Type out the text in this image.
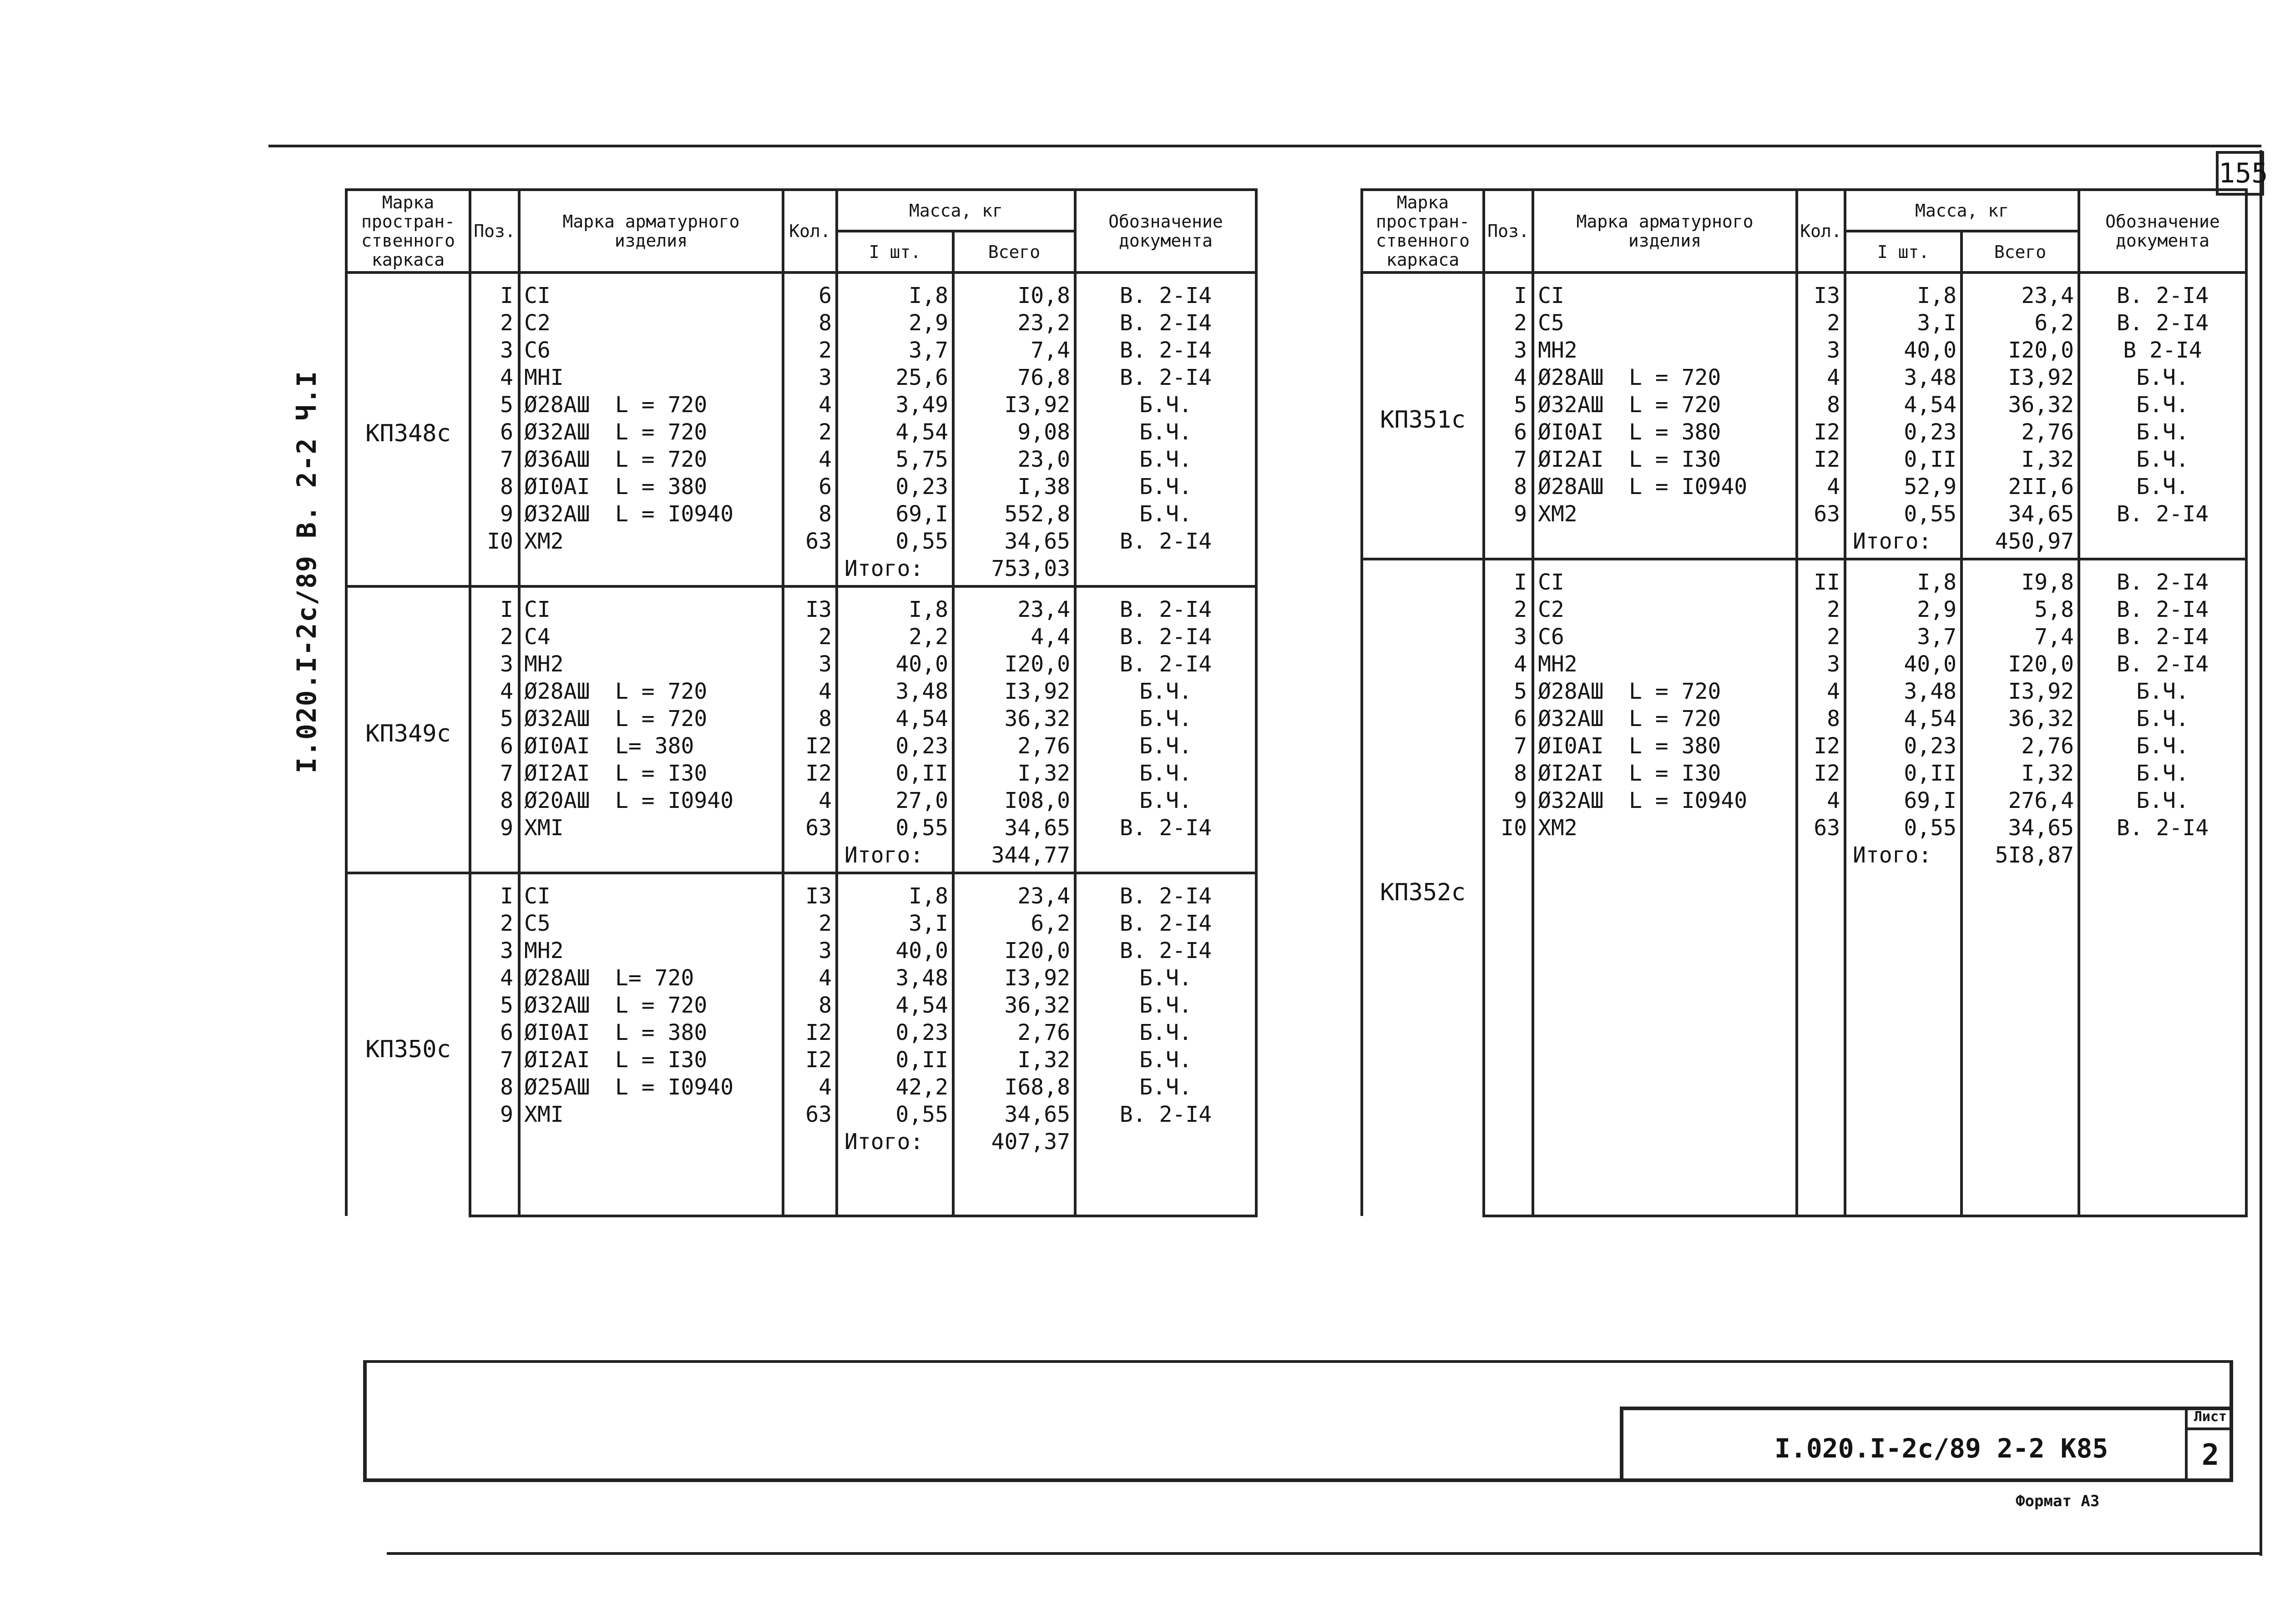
155
I.020.I-2c/89 В. 2-2 Ч.I
Марка простран- ственного каркаса	Поз.	Марка арматурного изделия	Кол.	Масса, кг		Обозначение документа
				I шт.	Всего	
КП348с	I	CI	6	I,8	I0,8	В. 2-I4
	2	C2	8	2,9	23,2	В. 2-I4
	3	C6	2	3,7	7,4	В. 2-I4
	4	MHI	3	25,6	76,8	В. 2-I4
	5	Ø28AШ L = 720	4	3,49	I3,92	Б.Ч.
	6	Ø32AШ L = 720	2	4,54	9,08	Б.Ч.
	7	Ø36AШ L = 720	4	5,75	23,0	Б.Ч.
	8	ØI0AI L = 380	6	0,23	I,38	Б.Ч.
	9	Ø32AШ L = I0940	8	69,I	552,8	Б.Ч.
	I0	XM2	63	0,55	34,65	В. 2-I4
				Итого:	753,03	
КП349с	I	CI	I3	I,8	23,4	В. 2-I4
	2	C4	2	2,2	4,4	В. 2-I4
	3	MH2	3	40,0	I20,0	В. 2-I4
	4	Ø28AШ L = 720	4	3,48	I3,92	Б.Ч.
	5	Ø32AШ L = 720	8	4,54	36,32	Б.Ч.
	6	ØI0AI L= 380	I2	0,23	2,76	Б.Ч.
	7	ØI2AI L = I30	I2	0,II	I,32	Б.Ч.
	8	Ø20AШ L = I0940	4	27,0	I08,0	Б.Ч.
	9	XMI	63	0,55	34,65	В. 2-I4
				Итого:	344,77	
КП350с	I	CI	I3	I,8	23,4	В. 2-I4
	2	C5	2	3,I	6,2	В. 2-I4
	3	MH2	3	40,0	I20,0	В. 2-I4
	4	Ø28AШ L= 720	4	3,48	I3,92	Б.Ч.
	5	Ø32AШ L = 720	8	4,54	36,32	Б.Ч.
	6	ØI0AI L = 380	I2	0,23	2,76	Б.Ч.
	7	ØI2AI L = I30	I2	0,II	I,32	Б.Ч.
	8	Ø25AШ L = I0940	4	42,2	I68,8	Б.Ч.
	9	XMI	63	0,55	34,65	В. 2-I4
				Итого:	407,37	
Марка простран- ственного каркаса	Поз.	Марка арматурного изделия	Кол.	Масса, кг		Обозначение документа
				I шт.	Всего	
КП351с	I	CI	I3	I,8	23,4	В. 2-I4
	2	C5	2	3,I	6,2	В. 2-I4
	3	MH2	3	40,0	I20,0	В 2-I4
	4	Ø28AШ L = 720	4	3,48	I3,92	Б.Ч.
	5	Ø32AШ L = 720	8	4,54	36,32	Б.Ч.
	6	ØI0AI L = 380	I2	0,23	2,76	Б.Ч.
	7	ØI2AI L = I30	I2	0,II	I,32	Б.Ч.
	8	Ø28AШ L = I0940	4	52,9	2II,6	Б.Ч.
	9	XM2	63	0,55	34,65	В. 2-I4
				Итого:	450,97	
КП352с	I	CI	II	I,8	I9,8	В. 2-I4
	2	C2	2	2,9	5,8	В. 2-I4
	3	C6	2	3,7	7,4	В. 2-I4
	4	MH2	3	40,0	I20,0	В. 2-I4
	5	Ø28AШ L = 720	4	3,48	I3,92	Б.Ч.
	6	Ø32AШ L = 720	8	4,54	36,32	Б.Ч.
	7	ØI0AI L = 380	I2	0,23	2,76	Б.Ч.
	8	ØI2AI L = I30	I2	0,II	I,32	Б.Ч.
	9	Ø32AШ L = I0940	4	69,I	276,4	Б.Ч.
	I0	XM2	63	0,55	34,65	В. 2-I4
				Итого:	5I8,87	
I.020.I-2c/89 2-2 К85
Лист
2
Формат А3
